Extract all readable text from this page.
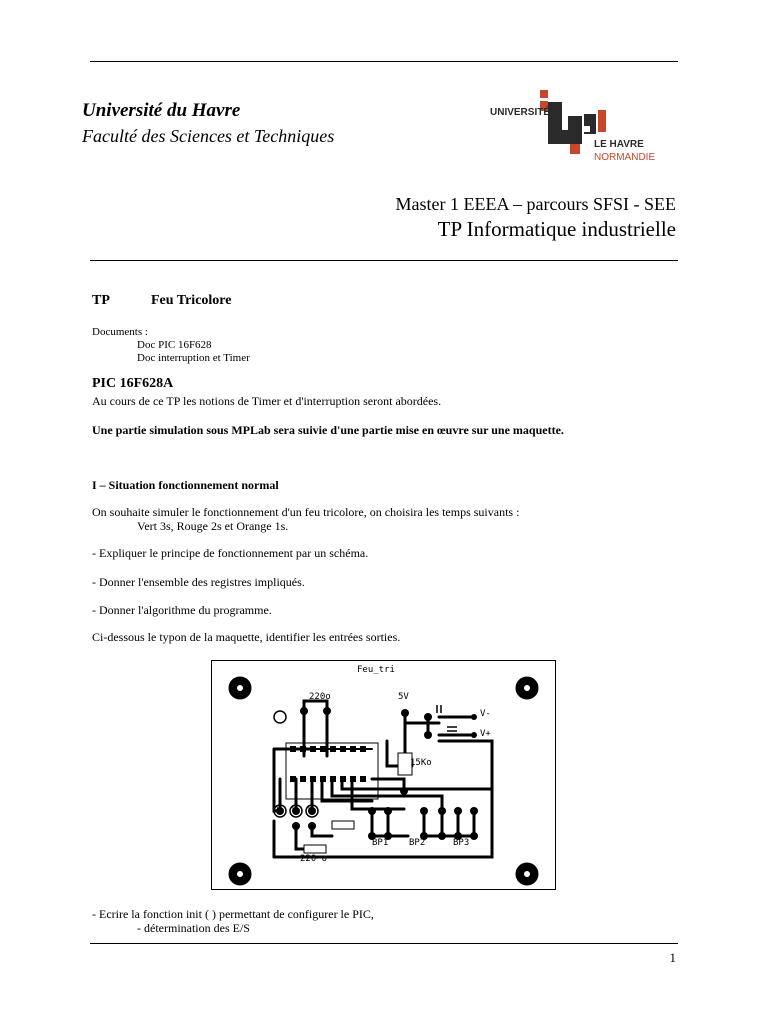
Université du Havre
Faculté des Sciences et Techniques
UNIVERSITÉ
LE HAVRE
NORMANDIE
Master 1 EEEA – parcours SFSI - SEE
TP Informatique industrielle
TP	Feu Tricolore
Documents :
Doc PIC 16F628
Doc interruption et Timer
PIC 16F628A
Au cours de ce TP les notions de Timer et d'interruption seront abordées.
Une partie simulation sous MPLab sera suivie d'une partie mise en œuvre sur une maquette.
I – Situation fonctionnement normal
On souhaite simuler le fonctionnement d'un feu tricolore, on choisira les temps suivants :
Vert 3s, Rouge 2s et Orange 1s.
- Expliquer le principe de fonctionnement par un schéma.
- Donner l'ensemble des registres impliqués.
- Donner l'algorithme du programme.
Ci-dessous le typon de la maquette, identifier les entrées sorties.
Feu_tri
220o	5V
V-
V+
15Ko
220 o
V O R
BP1 BP2	BP3
- Ecrire la fonction init ( ) permettant de configurer le PIC,
- détermination des E/S
1
